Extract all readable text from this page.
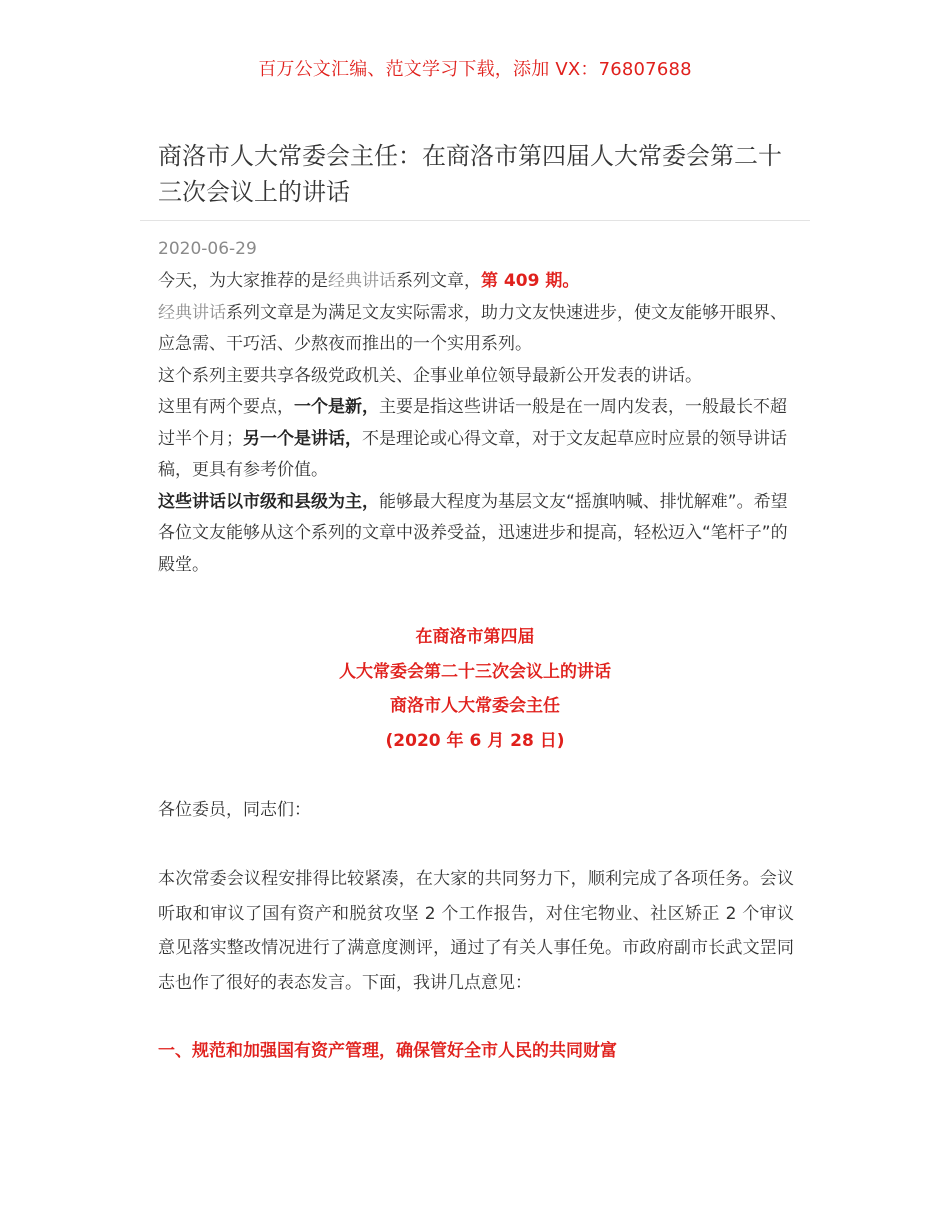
百万公文汇编、范文学习下载，添加 VX：76807688
商洛市人大常委会主任：在商洛市第四届人大常委会第二十三次会议上的讲话
2020-06-29

今天，为大家推荐的是经典讲话系列文章，第 409 期。

经典讲话系列文章是为满足文友实际需求，助力文友快速进步，使文友能够开眼界、应急需、干巧活、少熬夜而推出的一个实用系列。

这个系列主要共享各级党政机关、企事业单位领导最新公开发表的讲话。

这里有两个要点，一个是新，主要是指这些讲话一般是在一周内发表，一般最长不超过半个月；另一个是讲话，不是理论或心得文章，对于文友起草应时应景的领导讲话稿，更具有参考价值。

这些讲话以市级和县级为主，能够最大程度为基层文友“摇旗呐喊、排忧解难”。希望各位文友能够从这个系列的文章中汲养受益，迅速进步和提高，轻松迈入“笔杆子”的殿堂。

在商洛市第四届
人大常委会第二十三次会议上的讲话
商洛市人大常委会主任
(2020 年 6 月 28 日)
各位委员，同志们：
本次常委会议程安排得比较紧凑，在大家的共同努力下，顺利完成了各项任务。会议听取和审议了国有资产和脱贫攻坚 2 个工作报告，对住宅物业、社区矫正 2 个审议意见落实整改情况进行了满意度测评，通过了有关人事任免。市政府副市长武文罡同志也作了很好的表态发言。下面，我讲几点意见：
一、规范和加强国有资产管理，确保管好全市人民的共同财富
